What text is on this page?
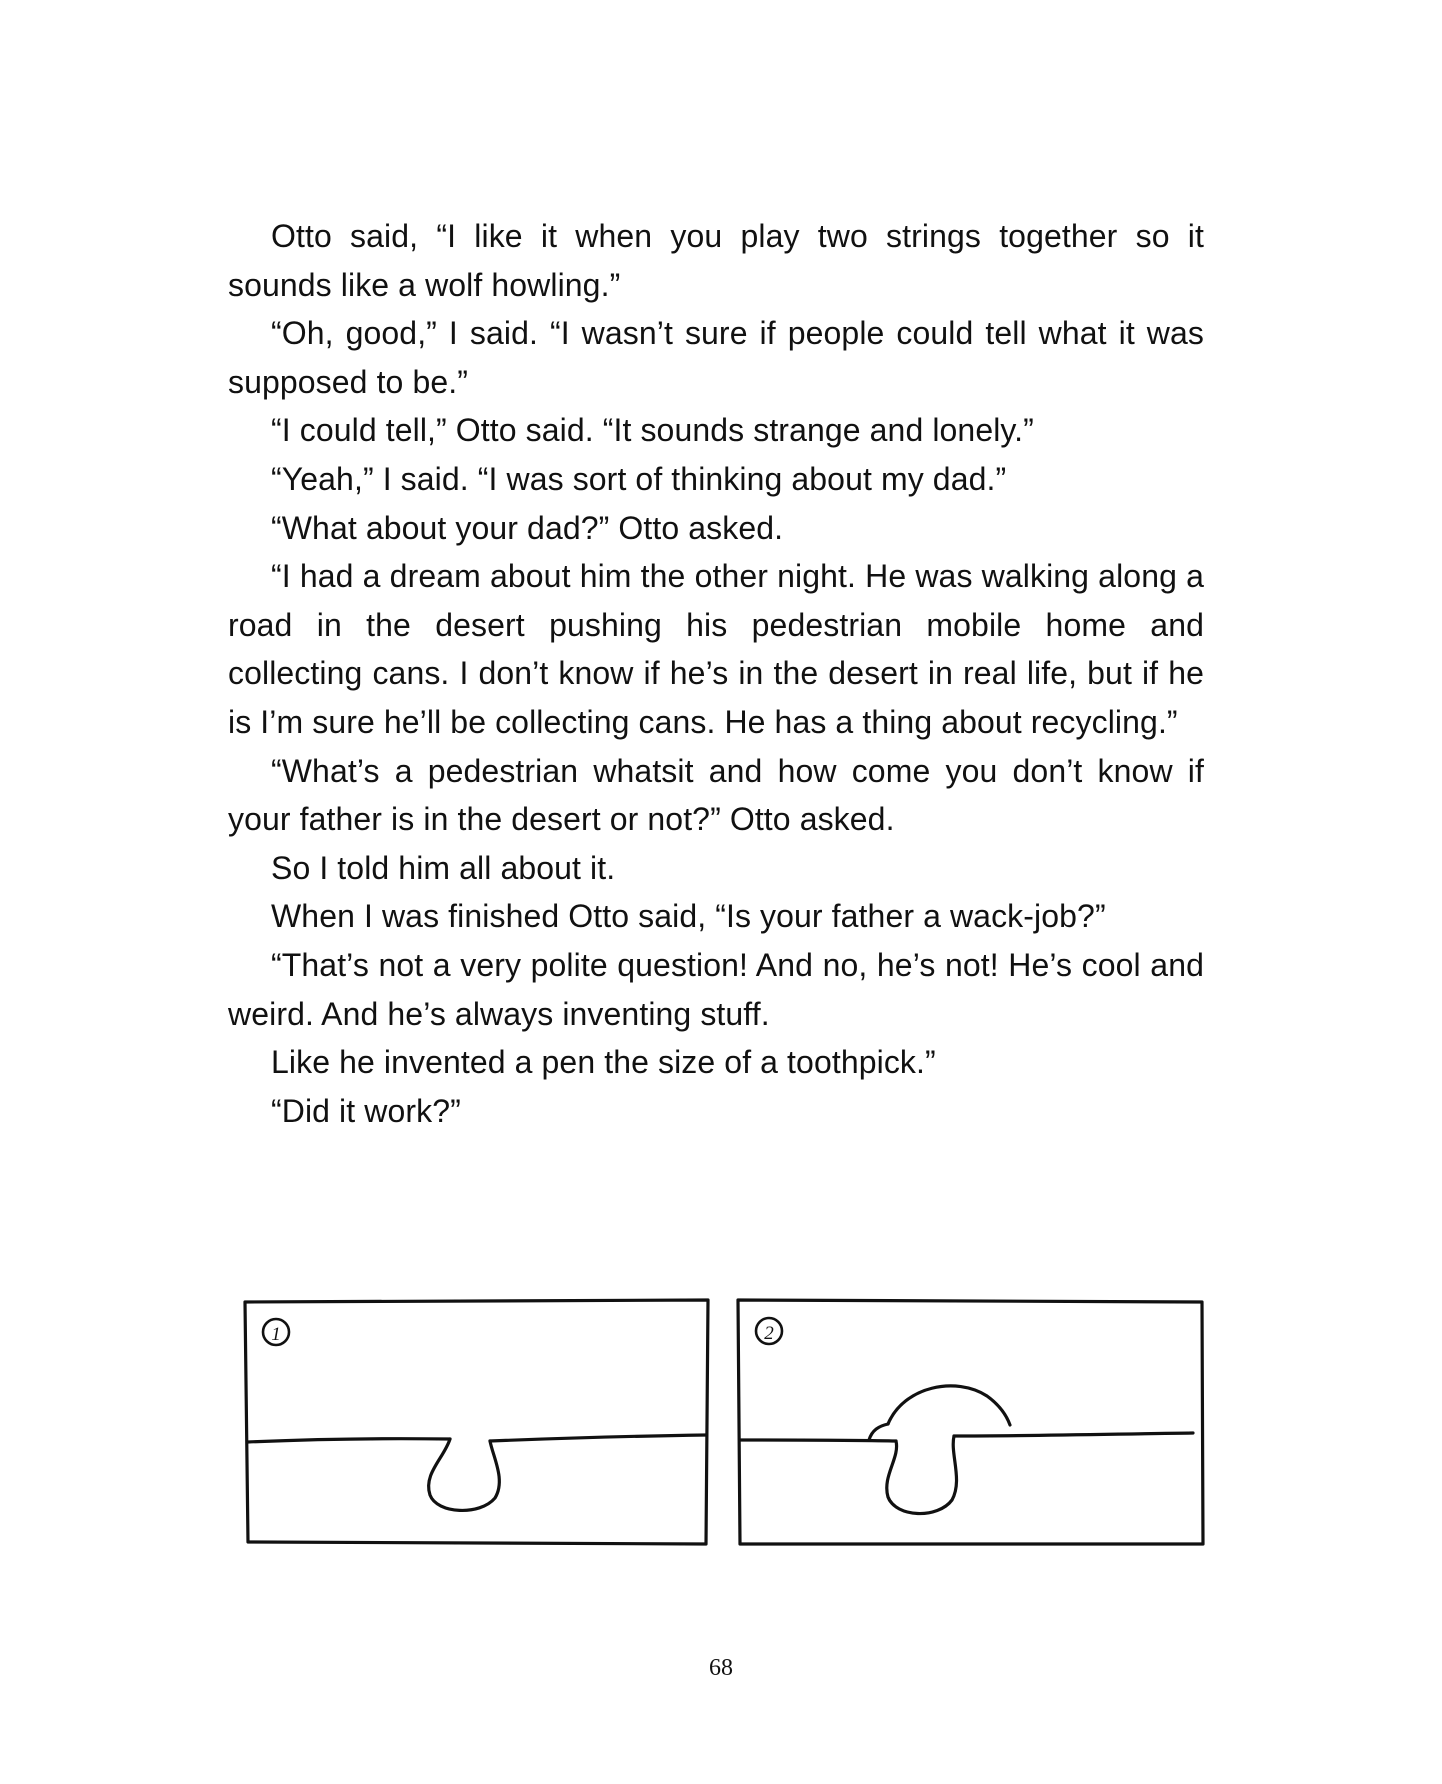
Otto said, “I like it when you play two strings together so it sounds like a wolf howling.”

“Oh, good,” I said. “I wasn’t sure if people could tell what it was supposed to be.”

“I could tell,” Otto said. “It sounds strange and lonely.”

“Yeah,” I said. “I was sort of thinking about my dad.”

“What about your dad?” Otto asked.

“I had a dream about him the other night. He was walking along a road in the desert pushing his pedestrian mobile home and collecting cans. I don’t know if he’s in the desert in real life, but if he is I’m sure he’ll be collecting cans. He has a thing about recycling.”

“What’s a pedestrian whatsit and how come you don’t know if your father is in the desert or not?” Otto asked.

So I told him all about it.

When I was finished Otto said, “Is your father a wack-job?”

“That’s not a very polite question! And no, he’s not! He’s cool and weird. And he’s always inventing stuff.

Like he invented a pen the size of a toothpick.”

“Did it work?”

1	2
68
